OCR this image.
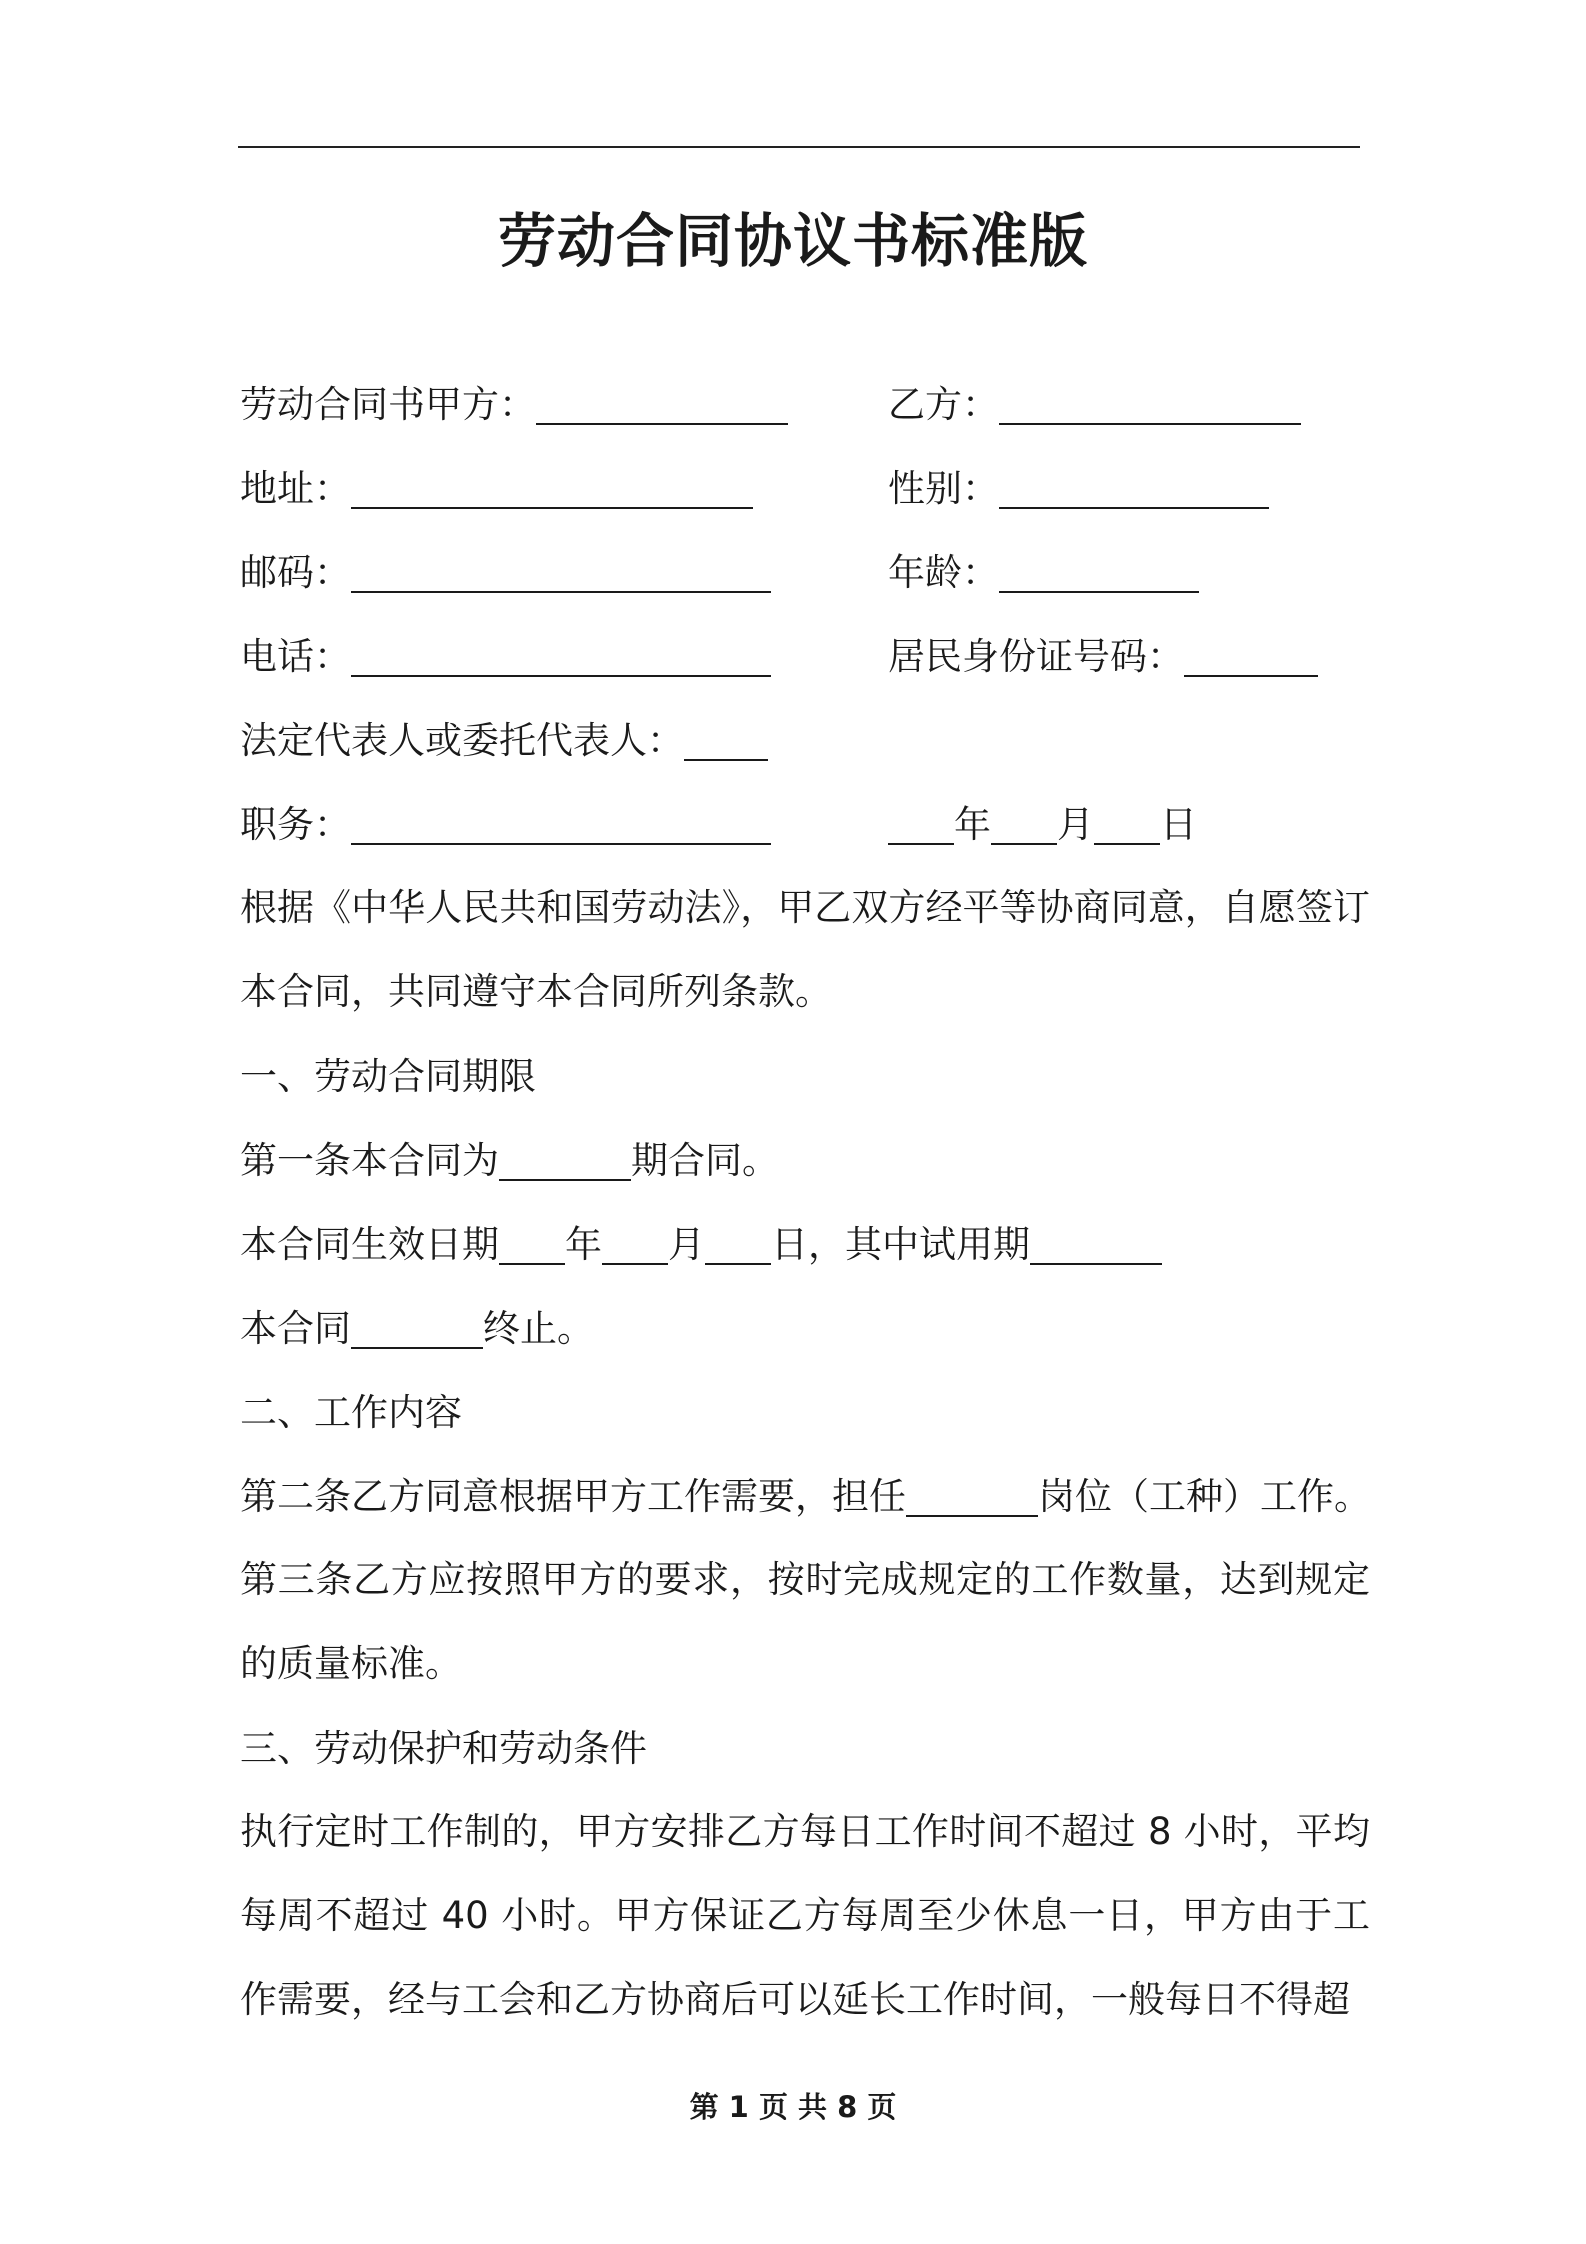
劳动合同协议书标准版
劳动合同书甲方：	乙方：
地址：	性别：
邮码：	年龄：
电话：	居民身份证号码：
法定代表人或委托代表人：
职务：	年 月 日
根据《中华人民共和国劳动法》，甲乙双方经平等协商同意，自愿签订本合同，共同遵守本合同所列条款。
一、劳动合同期限
第一条本合同为	期合同。
本合同生效日期 年 月 日，其中试用期
本合同	终止。
二、工作内容
第二条乙方同意根据甲方工作需要，担任	岗位（工种）工作。
第三条乙方应按照甲方的要求，按时完成规定的工作数量，达到规定的质量标准。
三、劳动保护和劳动条件
执行定时工作制的，甲方安排乙方每日工作时间不超过 8 小时，平均每周不超过 40 小时。甲方保证乙方每周至少休息一日，甲方由于工作需要，经与工会和乙方协商后可以延长工作时间，一般每日不得超
第 1 页 共 8 页
